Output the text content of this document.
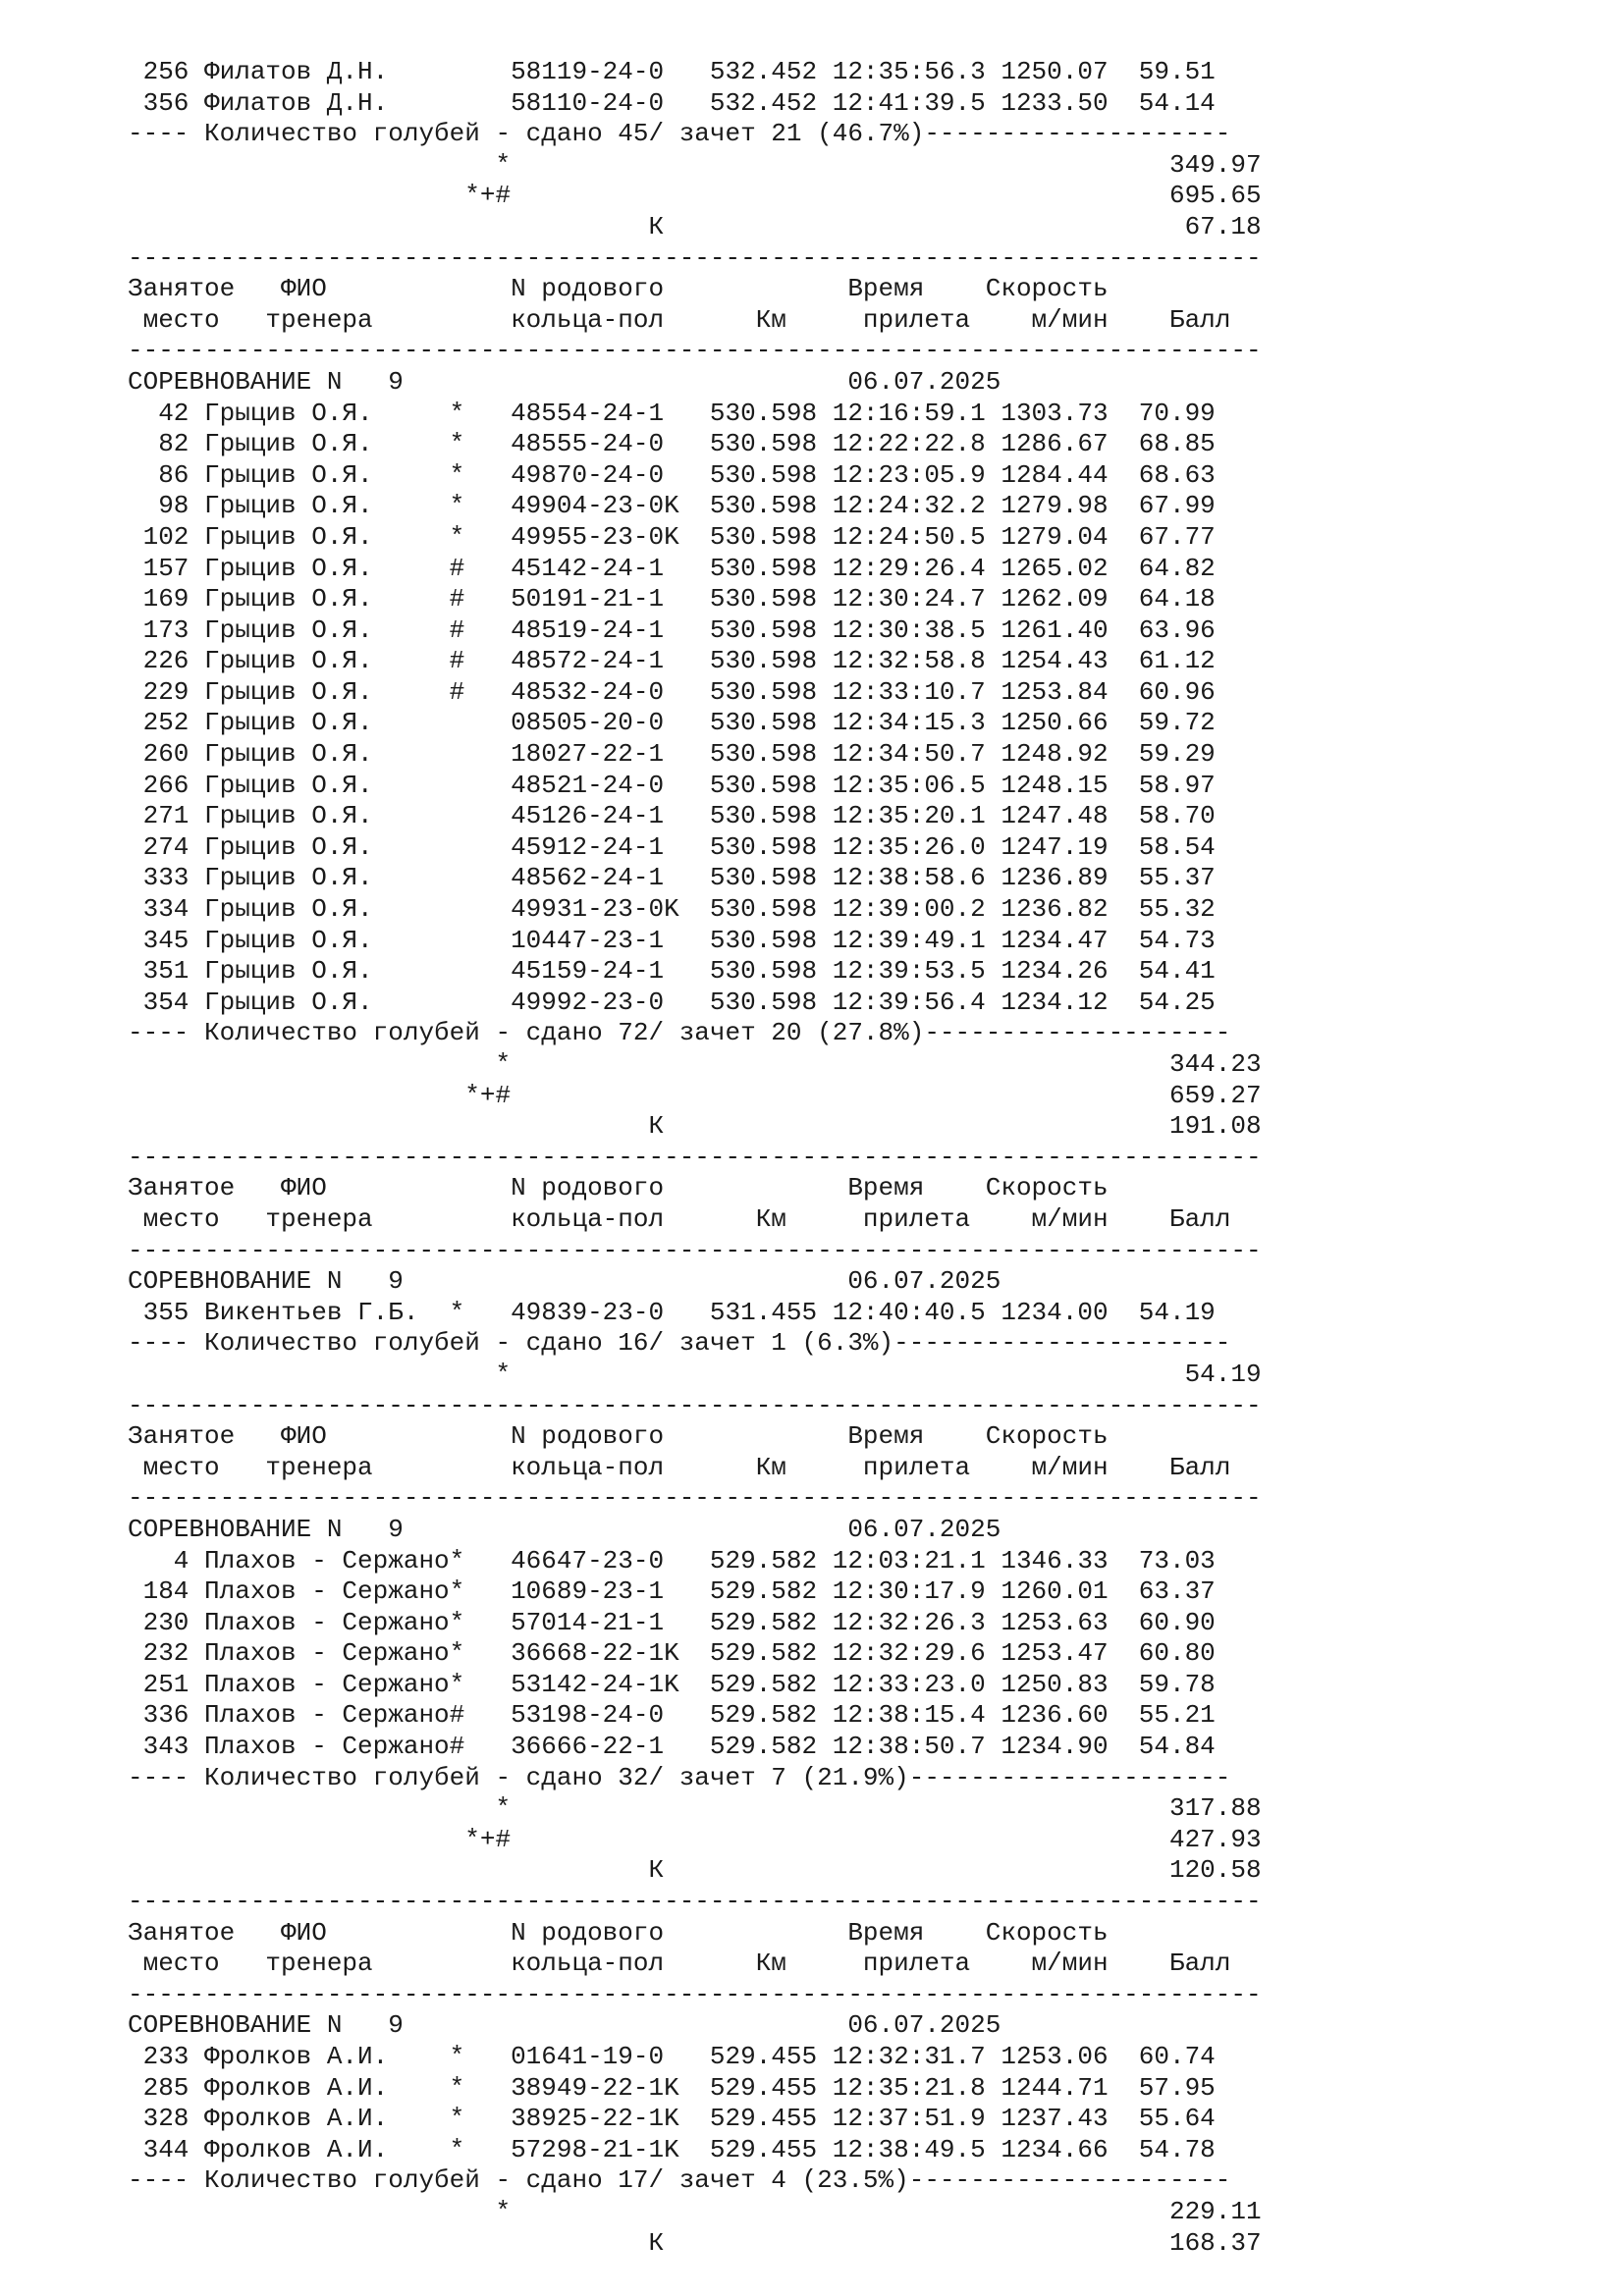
256 Филатов Д.Н.        58119-24-0   532.452 12:35:56.3 1250.07  59.51
356 Филатов Д.Н.        58110-24-0   532.452 12:41:39.5 1233.50  54.14
---- Количество голубей - сдано 45/ зачет 21 (46.7%)--------------------
*                                           349.97
*+#                                           695.65
К                                  67.18
--------------------------------------------------------------------------
Занятое   ФИО            N родового            Время    Скорость
место   тренера         кольца-пол      Км     прилета    м/мин    Балл
--------------------------------------------------------------------------
СОРЕВНОВАНИЕ N   9                             06.07.2025
42 Грыцив О.Я.     *   48554-24-1   530.598 12:16:59.1 1303.73  70.99
82 Грыцив О.Я.     *   48555-24-0   530.598 12:22:22.8 1286.67  68.85
86 Грыцив О.Я.     *   49870-24-0   530.598 12:23:05.9 1284.44  68.63
98 Грыцив О.Я.     *   49904-23-0K  530.598 12:24:32.2 1279.98  67.99
102 Грыцив О.Я.     *   49955-23-0K  530.598 12:24:50.5 1279.04  67.77
157 Грыцив О.Я.     #   45142-24-1   530.598 12:29:26.4 1265.02  64.82
169 Грыцив О.Я.     #   50191-21-1   530.598 12:30:24.7 1262.09  64.18
173 Грыцив О.Я.     #   48519-24-1   530.598 12:30:38.5 1261.40  63.96
226 Грыцив О.Я.     #   48572-24-1   530.598 12:32:58.8 1254.43  61.12
229 Грыцив О.Я.     #   48532-24-0   530.598 12:33:10.7 1253.84  60.96
252 Грыцив О.Я.         08505-20-0   530.598 12:34:15.3 1250.66  59.72
260 Грыцив О.Я.         18027-22-1   530.598 12:34:50.7 1248.92  59.29
266 Грыцив О.Я.         48521-24-0   530.598 12:35:06.5 1248.15  58.97
271 Грыцив О.Я.         45126-24-1   530.598 12:35:20.1 1247.48  58.70
274 Грыцив О.Я.         45912-24-1   530.598 12:35:26.0 1247.19  58.54
333 Грыцив О.Я.         48562-24-1   530.598 12:38:58.6 1236.89  55.37
334 Грыцив О.Я.         49931-23-0K  530.598 12:39:00.2 1236.82  55.32
345 Грыцив О.Я.         10447-23-1   530.598 12:39:49.1 1234.47  54.73
351 Грыцив О.Я.         45159-24-1   530.598 12:39:53.5 1234.26  54.41
354 Грыцив О.Я.         49992-23-0   530.598 12:39:56.4 1234.12  54.25
---- Количество голубей - сдано 72/ зачет 20 (27.8%)--------------------
*                                           344.23
*+#                                           659.27
К                                 191.08
--------------------------------------------------------------------------
Занятое   ФИО            N родового            Время    Скорость
место   тренера         кольца-пол      Км     прилета    м/мин    Балл
--------------------------------------------------------------------------
СОРЕВНОВАНИЕ N   9                             06.07.2025
355 Викентьев Г.Б.  *   49839-23-0   531.455 12:40:40.5 1234.00  54.19
---- Количество голубей - сдано 16/ зачет 1 (6.3%)----------------------
*                                            54.19
--------------------------------------------------------------------------
Занятое   ФИО            N родового            Время    Скорость
место   тренера         кольца-пол      Км     прилета    м/мин    Балл
--------------------------------------------------------------------------
СОРЕВНОВАНИЕ N   9                             06.07.2025
4 Плахов - Сержано*   46647-23-0   529.582 12:03:21.1 1346.33  73.03
184 Плахов - Сержано*   10689-23-1   529.582 12:30:17.9 1260.01  63.37
230 Плахов - Сержано*   57014-21-1   529.582 12:32:26.3 1253.63  60.90
232 Плахов - Сержано*   36668-22-1K  529.582 12:32:29.6 1253.47  60.80
251 Плахов - Сержано*   53142-24-1K  529.582 12:33:23.0 1250.83  59.78
336 Плахов - Сержано#   53198-24-0   529.582 12:38:15.4 1236.60  55.21
343 Плахов - Сержано#   36666-22-1   529.582 12:38:50.7 1234.90  54.84
---- Количество голубей - сдано 32/ зачет 7 (21.9%)---------------------
*                                           317.88
*+#                                           427.93
К                                 120.58
--------------------------------------------------------------------------
Занятое   ФИО            N родового            Время    Скорость
место   тренера         кольца-пол      Км     прилета    м/мин    Балл
--------------------------------------------------------------------------
СОРЕВНОВАНИЕ N   9                             06.07.2025
233 Фролков А.И.    *   01641-19-0   529.455 12:32:31.7 1253.06  60.74
285 Фролков А.И.    *   38949-22-1K  529.455 12:35:21.8 1244.71  57.95
328 Фролков А.И.    *   38925-22-1K  529.455 12:37:51.9 1237.43  55.64
344 Фролков А.И.    *   57298-21-1K  529.455 12:38:49.5 1234.66  54.78
---- Количество голубей - сдано 17/ зачет 4 (23.5%)---------------------
*                                           229.11
К                                 168.37
